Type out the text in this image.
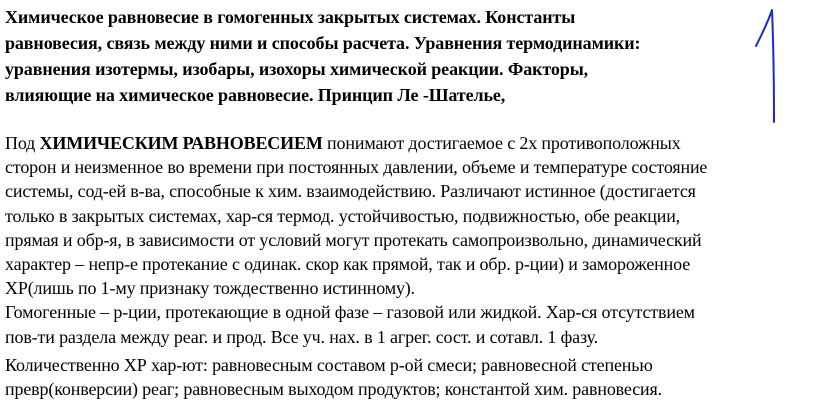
Химическое равновесие в гомогенных закрытых системах. Константы
равновесия, связь между ними и способы расчета. Уравнения термодинамики:
уравнения изотермы, изобары, изохоры химической реакции. Факторы,
влияющие на химическое равновесие. Принцип Ле -Шателье,
Под ХИМИЧЕСКИМ РАВНОВЕСИЕМ понимают достигаемое с 2х противоположных
сторон и неизменное во времени при постоянных давлении, объеме и температуре состояние
системы, сод-ей в-ва, способные к хим. взаимодействию. Различают истинное (достигается
только в закрытых системах, хар-ся термод. устойчивостью, подвижностью, обе реакции,
прямая и обр-я, в зависимости от условий могут протекать самопроизвольно, динамический
характер – непр-е протекание с одинак. скор как прямой, так и обр. р-ции) и замороженное
ХР(лишь по 1-му признаку тождественно истинному).
Гомогенные – р-ции, протекающие в одной фазе – газовой или жидкой. Хар-ся отсутствием
пов-ти раздела между реаг. и прод. Все уч. нах. в 1 агрег. сост. и сотавл. 1 фазу.
Количественно ХР хар-ют: равновесным составом р-ой смеси; равновесной степенью
превр(конверсии) реаг; равновесным выходом продуктов; константой хим. равновесия.
